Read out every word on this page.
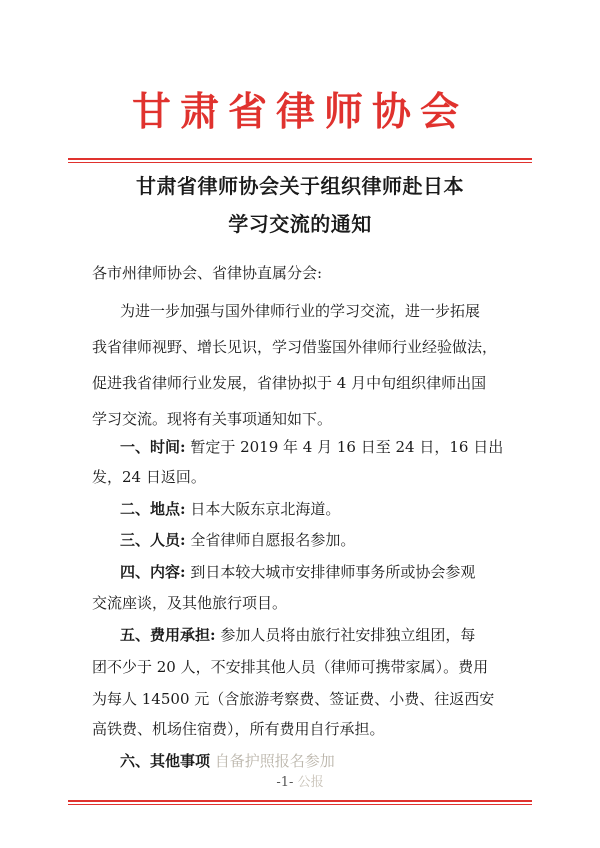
甘肃省律师协会
甘肃省律师协会关于组织律师赴日本
学习交流的通知
各市州律师协会、省律协直属分会:
为进一步加强与国外律师行业的学习交流，进一步拓展
我省律师视野、增长见识，学习借鉴国外律师行业经验做法，
促进我省律师行业发展，省律协拟于 4 月中旬组织律师出国
学习交流。现将有关事项通知如下。
一、时间: 暂定于 2019 年 4 月 16 日至 24 日，16 日出
发，24 日返回。
二、地点: 日本大阪东京北海道。
三、人员: 全省律师自愿报名参加。
四、内容: 到日本较大城市安排律师事务所或协会参观
交流座谈，及其他旅行项目。
五、费用承担: 参加人员将由旅行社安排独立组团，每
团不少于 20 人，不安排其他人员（律师可携带家属）。费用
为每人 14500 元（含旅游考察费、签证费、小费、往返西安
高铁费、机场住宿费），所有费用自行承担。
六、其他事项 自备护照报名参加
-1- 公报
